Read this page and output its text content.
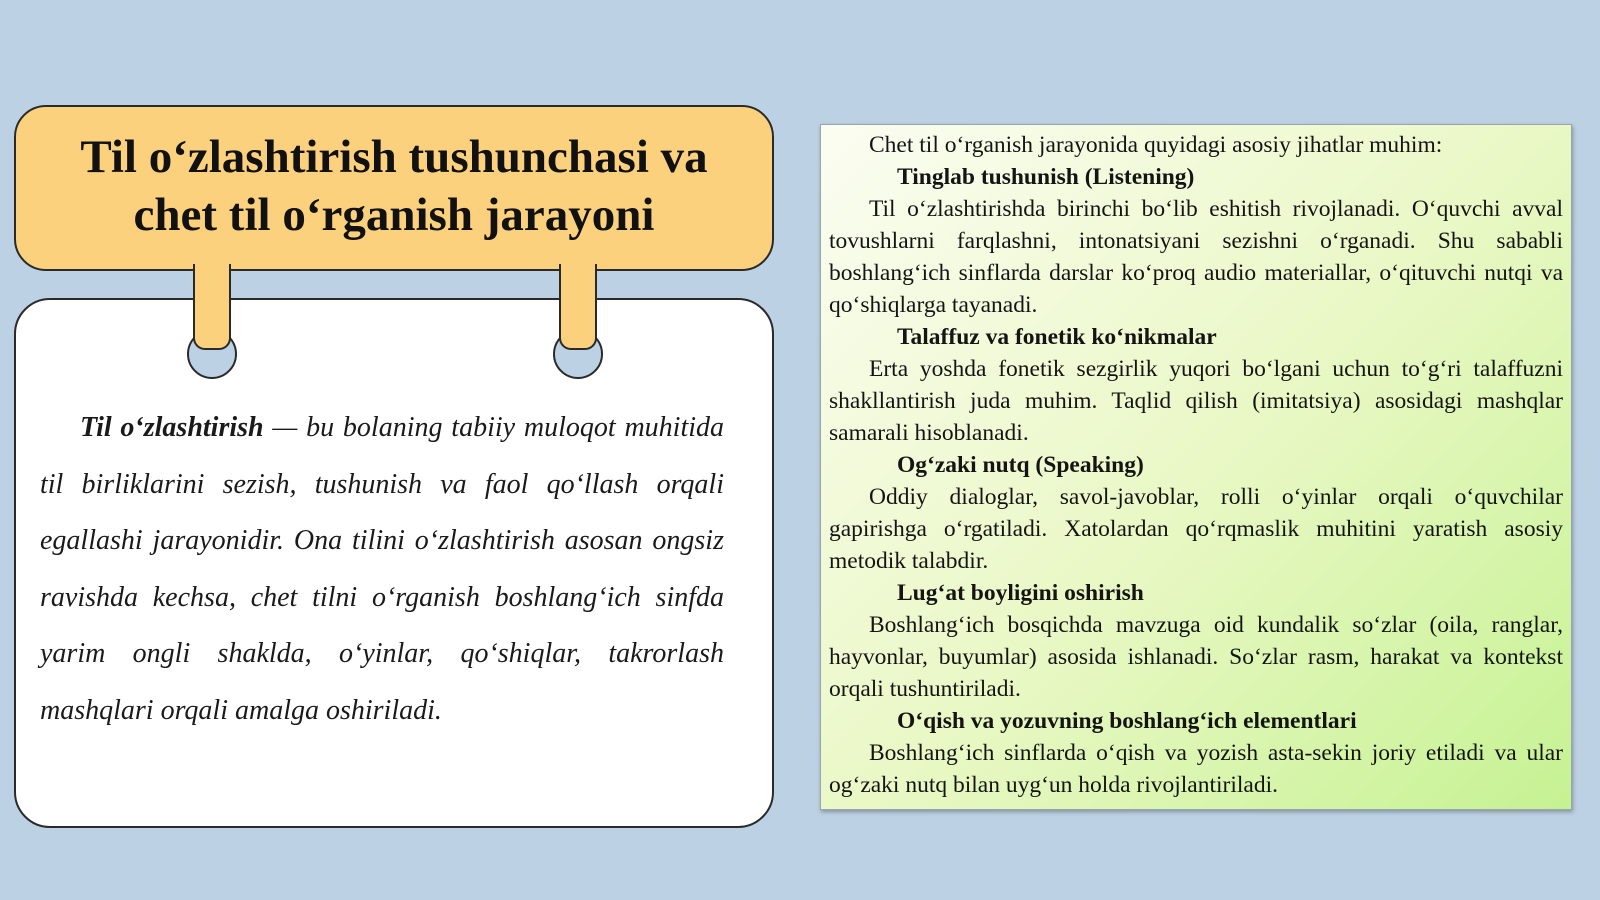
Til o‘zlashtirish — bu bolaning tabiiy muloqot muhitida til birliklarini sezish, tushunish va faol qo‘llash orqali egallashi jarayonidir. Ona tilini o‘zlashtirish asosan ongsiz ravishda kechsa, chet tilni o‘rganish boshlang‘ich sinfda yarim ongli shaklda, o‘yinlar, qo‘shiqlar, takrorlash mashqlari orqali amalga oshiriladi.

Til o‘zlashtirish tushunchasi va chet til o‘rganish jarayoni

Chet til o‘rganish jarayonida quyidagi asosiy jihatlar muhim:

Tinglab tushunish (Listening)

Til o‘zlashtirishda birinchi bo‘lib eshitish rivojlanadi. O‘quvchi avval tovushlarni farqlashni, intonatsiyani sezishni o‘rganadi. Shu sababli boshlang‘ich sinflarda darslar ko‘proq audio materiallar, o‘qituvchi nutqi va qo‘shiqlarga tayanadi.

Talaffuz va fonetik ko‘nikmalar

Erta yoshda fonetik sezgirlik yuqori bo‘lgani uchun to‘g‘ri talaffuzni shakllantirish juda muhim. Taqlid qilish (imitatsiya) asosidagi mashqlar samarali hisoblanadi.

Og‘zaki nutq (Speaking)

Oddiy dialoglar, savol-javoblar, rolli o‘yinlar orqali o‘quvchilar gapirishga o‘rgatiladi. Xatolardan qo‘rqmaslik muhitini yaratish asosiy metodik talabdir.

Lug‘at boyligini oshirish

Boshlang‘ich bosqichda mavzuga oid kundalik so‘zlar (oila, ranglar, hayvonlar, buyumlar) asosida ishlanadi. So‘zlar rasm, harakat va kontekst orqali tushuntiriladi.

O‘qish va yozuvning boshlang‘ich elementlari

Boshlang‘ich sinflarda o‘qish va yozish asta-sekin joriy etiladi va ular og‘zaki nutq bilan uyg‘un holda rivojlantiriladi.
